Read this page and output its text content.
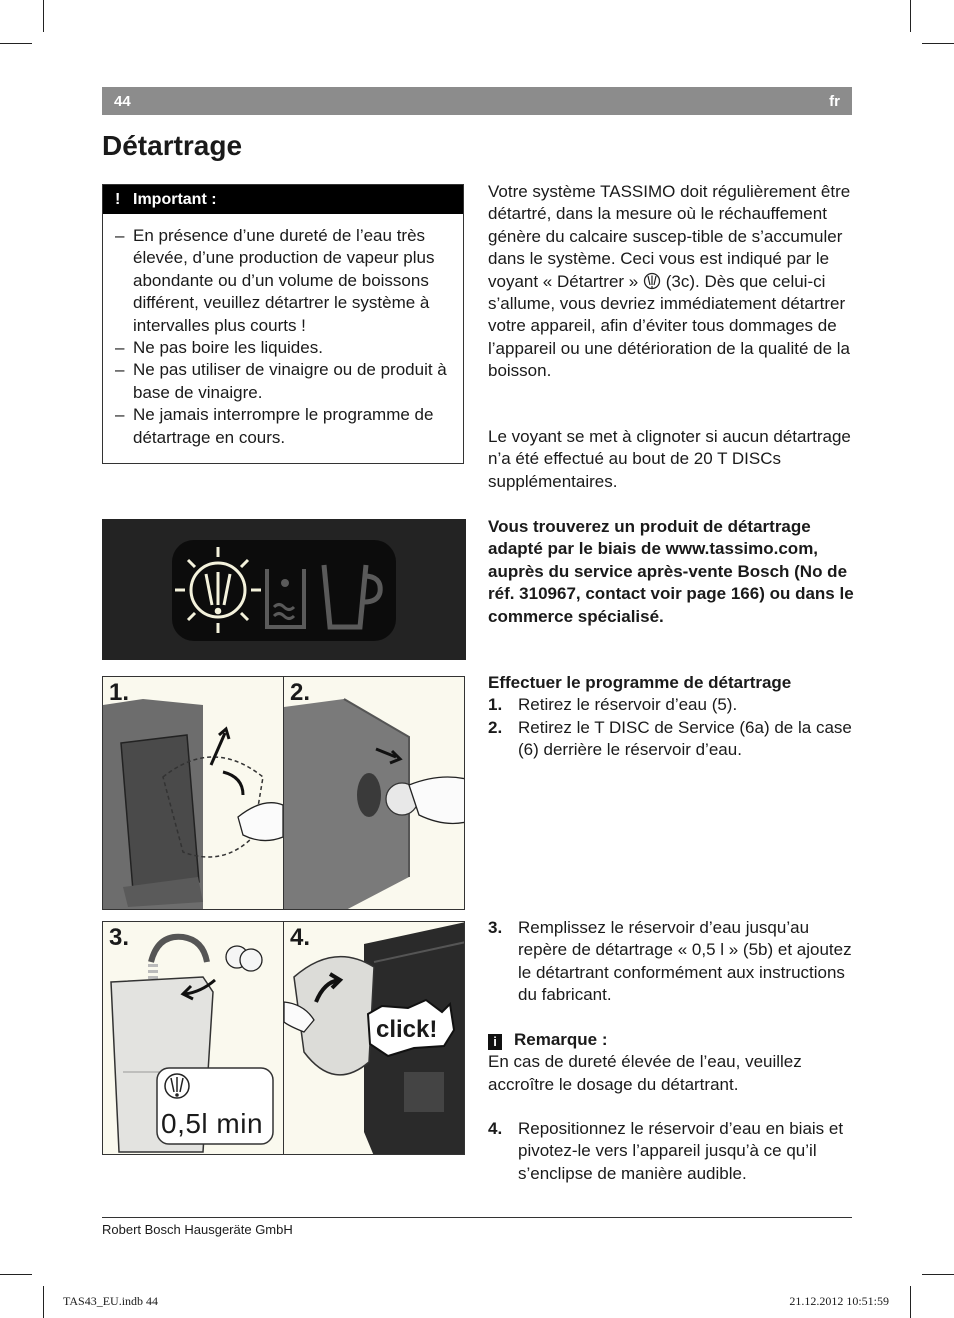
44	fr
Détartrage
! Important :
– En présence d’une dureté de l’eau très élevée, d’une production de vapeur plus abondante ou d’un volume de boissons différent, veuillez détartrer le système à intervalles plus courts !
– Ne pas boire les liquides.
– Ne pas utiliser de vinaigre ou de produit à base de vinaigre.
– Ne jamais interrompre le programme de détartrage en cours.

Votre système TASSIMO doit régulièrement être détartré, dans la mesure où le réchauffement génère du calcaire suscep-tible de s’accumuler dans le système. Ceci vous est indiqué par le voyant « Détartrer » (3c). Dès que celui-ci s’allume, vous devriez immédiatement détartrer votre appareil, afin d’éviter tous dommages de l’appareil ou une détérioration de la qualité de la boisson.

Le voyant se met à clignoter si aucun détartrage n’a été effectué au bout de 20 T DISCs supplémentaires.

Vous trouverez un produit de détartrage adapté par le biais de www.tassimo.com, auprès du service après-vente Bosch (No de réf. 310967, contact voir page 166) ou dans le commerce spécialisé.

Effectuer le programme de détartrage
1. Retirez le réservoir d’eau (5).
2. Retirez le T DISC de Service (6a) de la case (6) derrière le réservoir d’eau.
3. Remplissez le réservoir d’eau jusqu’au repère de détartrage « 0,5 l » (5b) et ajoutez le détartrant conformément aux instructions du fabricant.
i Remarque :
En cas de dureté élevée de l’eau, veuillez accroître le dosage du détartrant.
4. Repositionnez le réservoir d’eau en biais et pivotez-le vers l’appareil jusqu’à ce qu’il s’enclipse de manière audible.
1.	2.
3.
0,5l min
4.
click!
Robert Bosch Hausgeräte GmbH
TAS43_EU.indb 44	21.12.2012 10:51:59
